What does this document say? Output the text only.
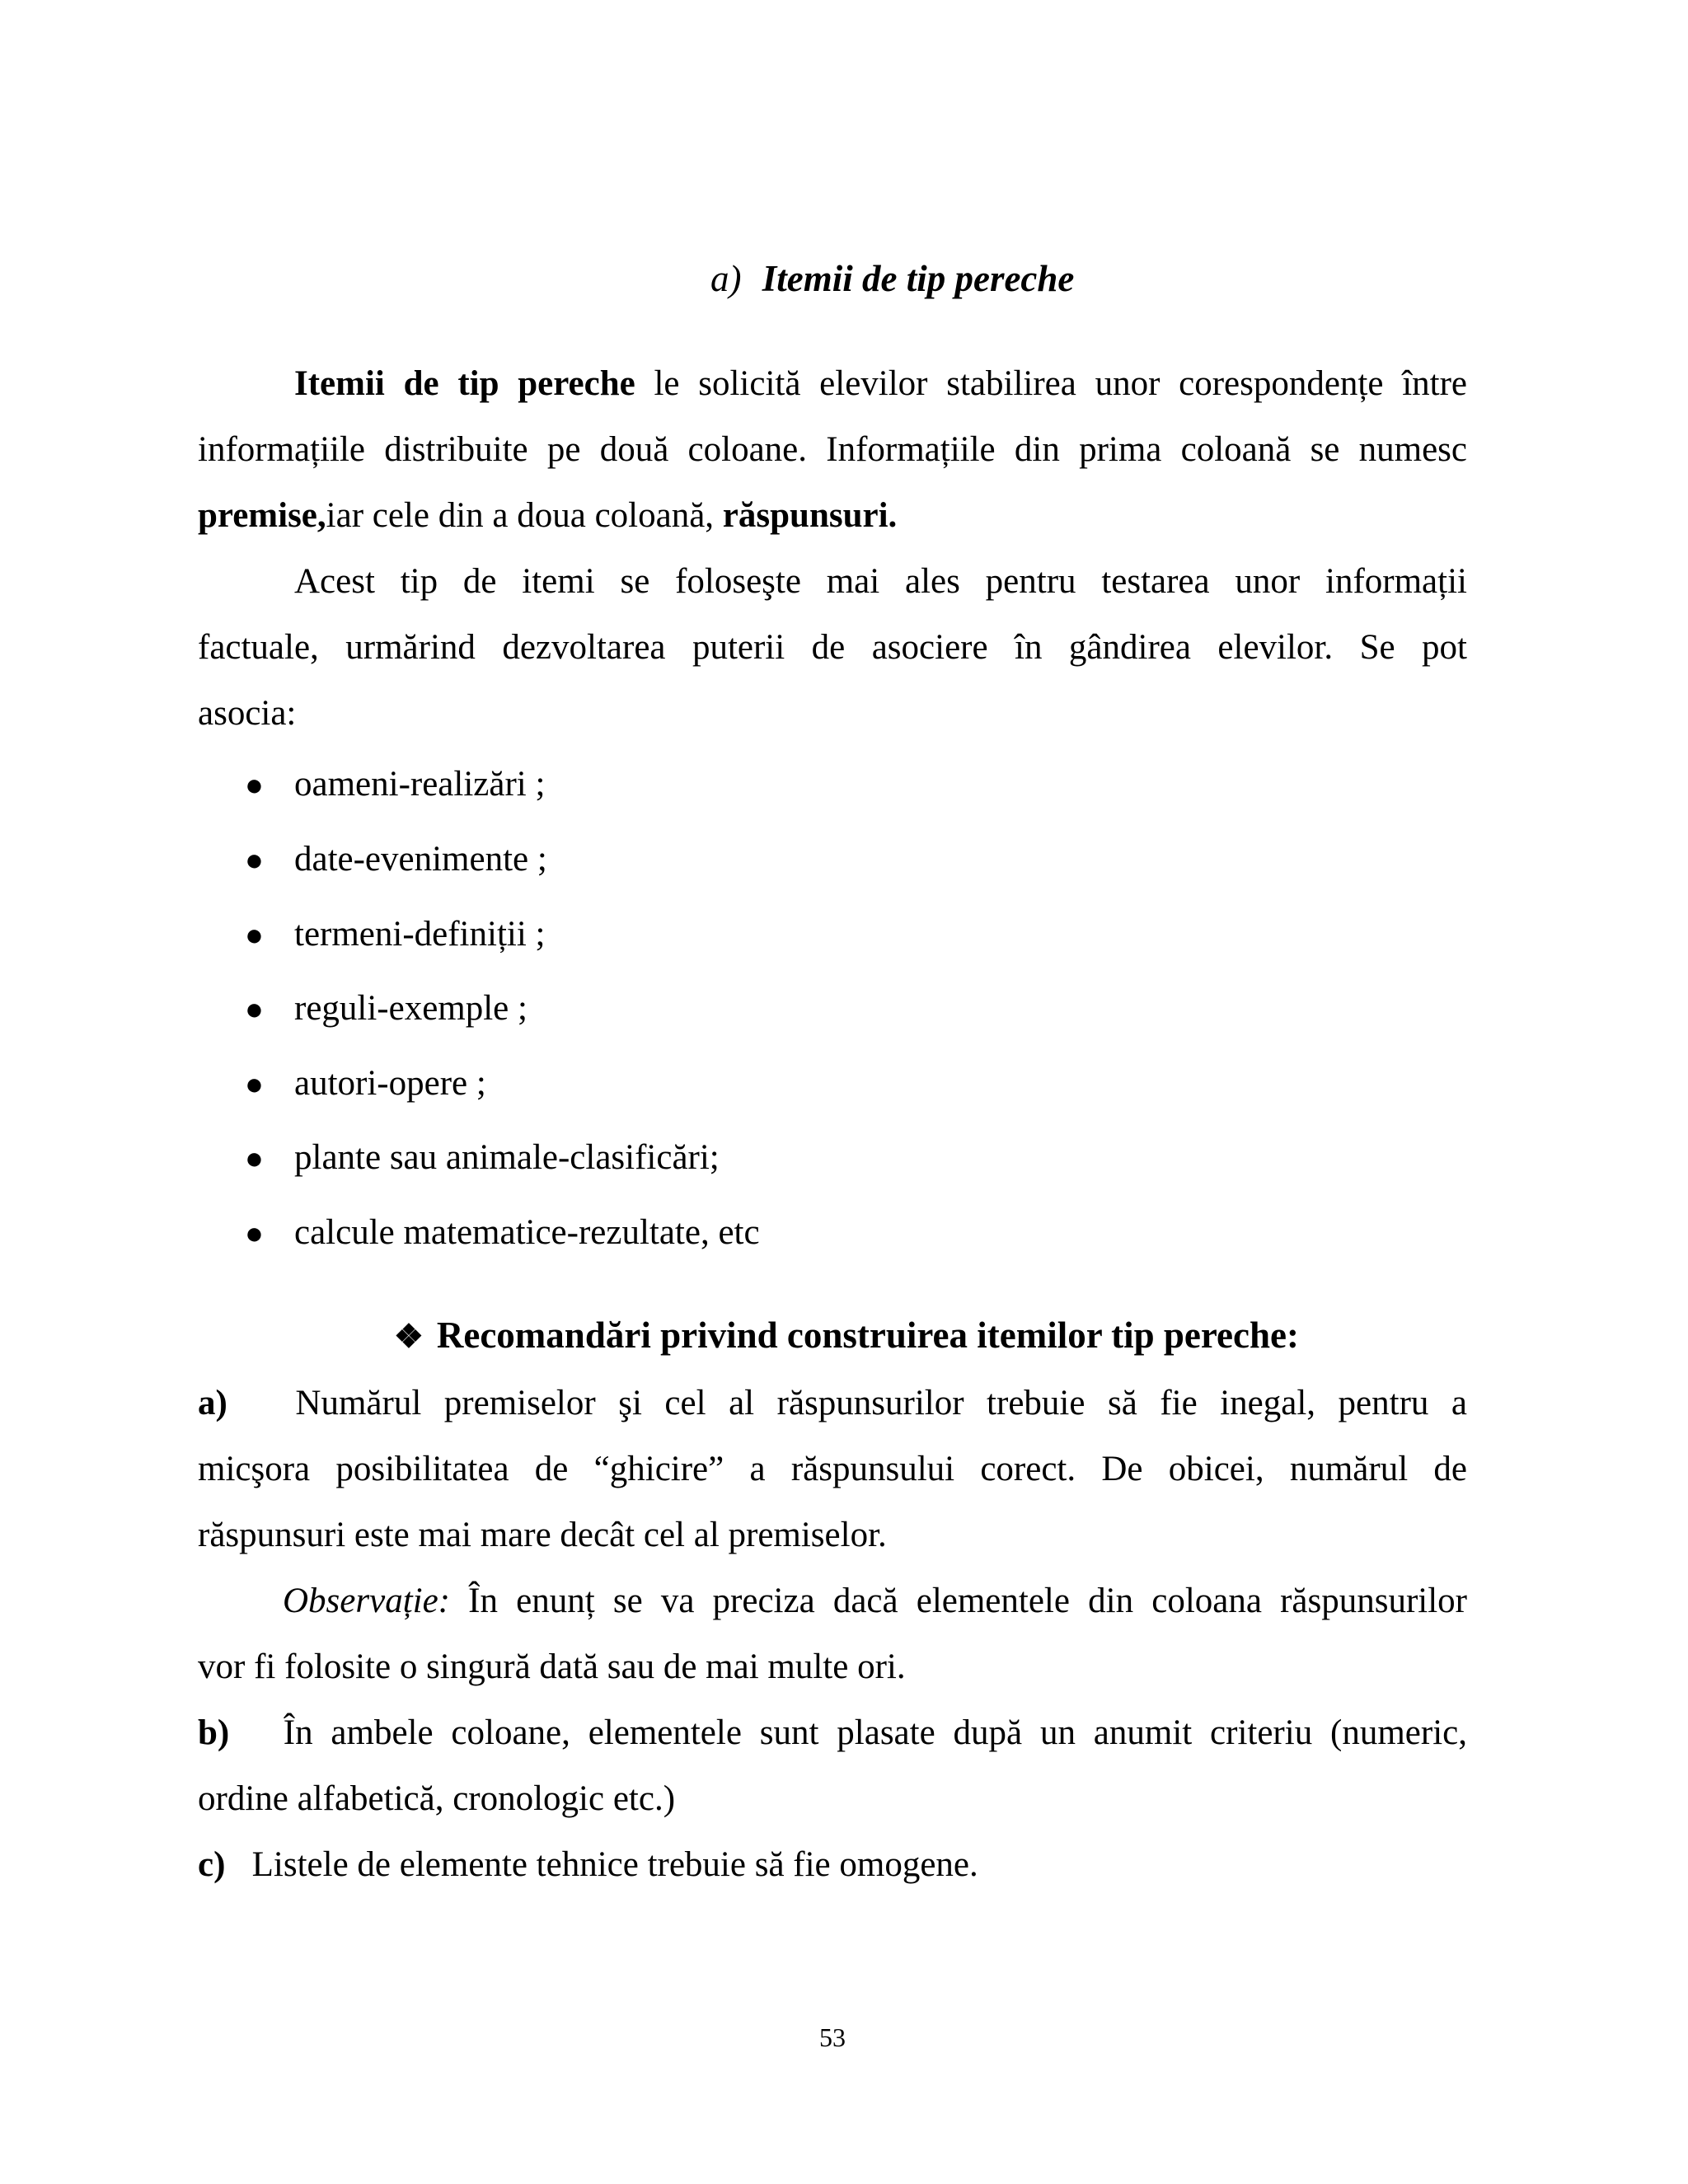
a) Itemii de tip pereche
Itemii de tip pereche le solicită elevilor stabilirea unor corespondențe între
informațiile distribuite pe două coloane. Informațiile din prima coloană se numesc
premise,iar cele din a doua coloană, răspunsuri.
Acest tip de itemi se foloseşte mai ales pentru testarea unor informații
factuale, urmărind dezvoltarea puterii de asociere în gândirea elevilor. Se pot
asocia:
● oameni-realizări ;
● date-evenimente ;
● termeni-definiții ;
● reguli-exemple ;
● autori-opere ;
● plante sau animale-clasificări;
● calcule matematice-rezultate, etc
❖ Recomandări privind construirea itemilor tip pereche:
a) Numărul premiselor şi cel al răspunsurilor trebuie să fie inegal, pentru a
micşora posibilitatea de “ghicire” a răspunsului corect. De obicei, numărul de
răspunsuri este mai mare decât cel al premiselor.
Observație: În enunț se va preciza dacă elementele din coloana răspunsurilor
vor fi folosite o singură dată sau de mai multe ori.
b) În ambele coloane, elementele sunt plasate după un anumit criteriu (numeric,
ordine alfabetică, cronologic etc.)
c) Listele de elemente tehnice trebuie să fie omogene.
53
